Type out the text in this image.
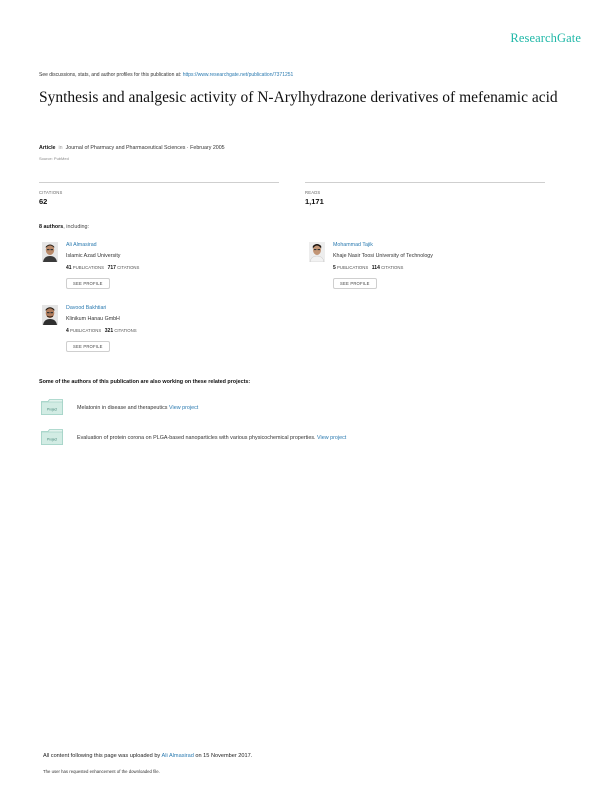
ResearchGate
See discussions, stats, and author profiles for this publication at: https://www.researchgate.net/publication/7371251
Synthesis and analgesic activity of N-Arylhydrazone derivatives of mefenamic acid
Article in Journal of Pharmacy and Pharmaceutical Sciences · February 2005
Source: PubMed
CITATIONS
62
READS
1,171
8 authors, including:
Ali Almasirad
Islamic Azad University
41 PUBLICATIONS 717 CITATIONS
SEE PROFILE
Mohammad Tajik
Khaje Nasir Toosi University of Technology
5 PUBLICATIONS 114 CITATIONS
SEE PROFILE
Davood Bakhtiari
Klinikum Hanau GmbH
4 PUBLICATIONS 321 CITATIONS
SEE PROFILE
Some of the authors of this publication are also working on these related projects:
Project	Melatonin in disease and therapeutics View project
Project	Evaluation of protein corona on PLGA-based nanoparticles with various physicochemical properties. View project
All content following this page was uploaded by Ali Almasirad on 15 November 2017.
The user has requested enhancement of the downloaded file.
